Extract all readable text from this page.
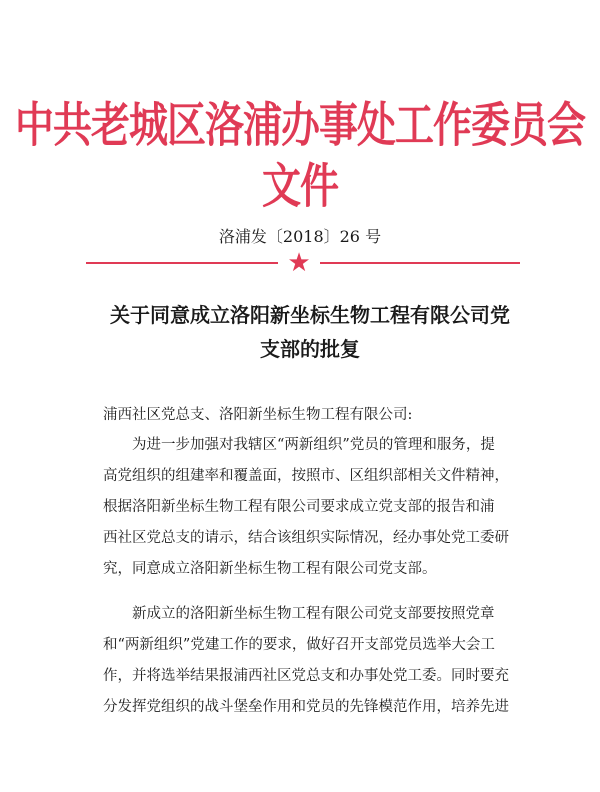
中共老城区洛浦办事处工作委员会文件
洛浦发〔2018〕26 号
★
关于同意成立洛阳新坐标生物工程有限公司党
支部的批复
浦西社区党总支、洛阳新坐标生物工程有限公司:
为进一步加强对我辖区“两新组织”党员的管理和服务，提
高党组织的组建率和覆盖面，按照市、区组织部相关文件精神，
根据洛阳新坐标生物工程有限公司要求成立党支部的报告和浦
西社区党总支的请示，结合该组织实际情况，经办事处党工委研
究，同意成立洛阳新坐标生物工程有限公司党支部。
新成立的洛阳新坐标生物工程有限公司党支部要按照党章
和“两新组织”党建工作的要求，做好召开支部党员选举大会工
作，并将选举结果报浦西社区党总支和办事处党工委。同时要充
分发挥党组织的战斗堡垒作用和党员的先锋模范作用，培养先进
